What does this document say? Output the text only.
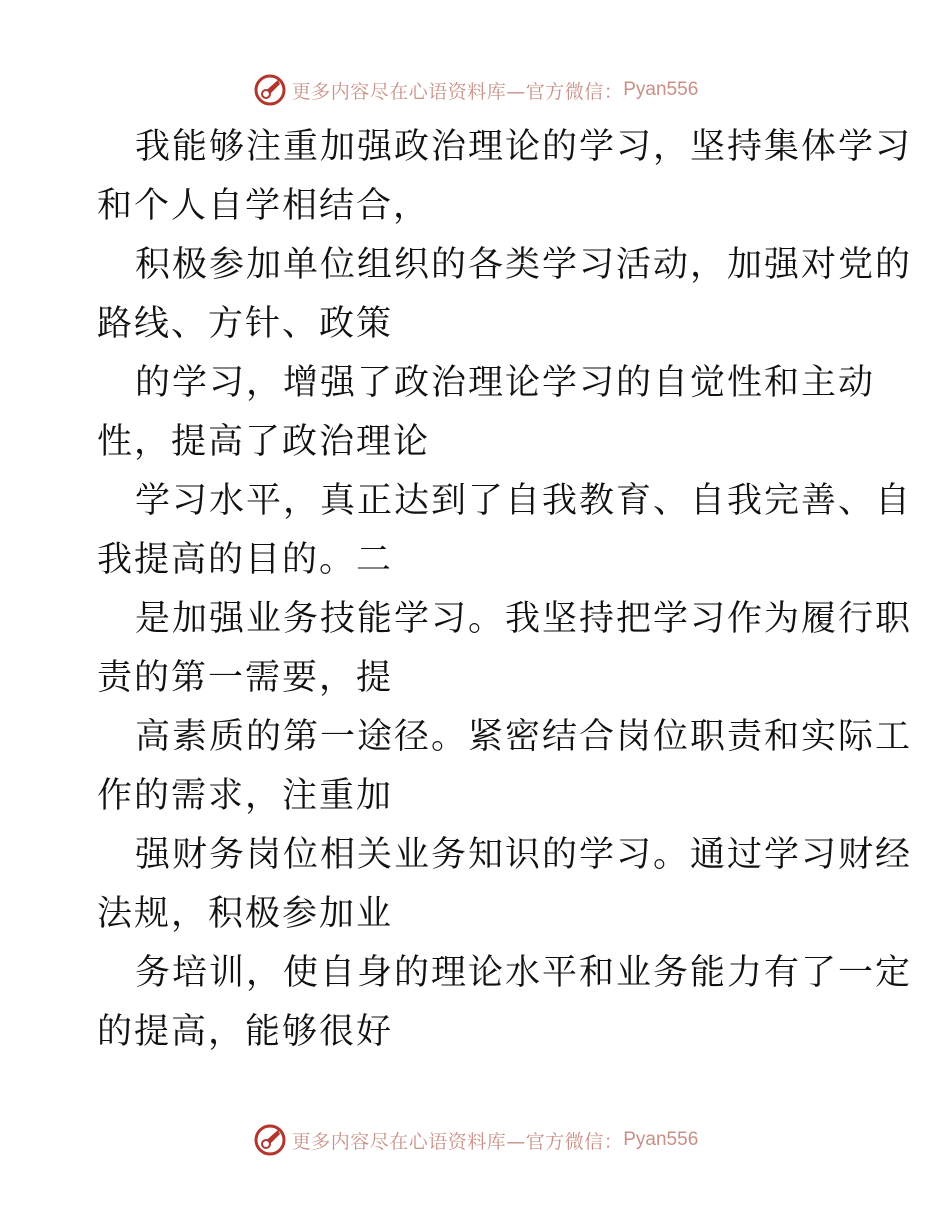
更多内容尽在心语资料库—官方微信： Pyan556
我能够注重加强政治理论的学习，坚持集体学习
和个人自学相结合，
积极参加单位组织的各类学习活动，加强对党的
路线、方针、政策
的学习，增强了政治理论学习的自觉性和主动
性，提高了政治理论
学习水平，真正达到了自我教育、自我完善、自
我提高的目的。二
是加强业务技能学习。我坚持把学习作为履行职
责的第一需要，提
高素质的第一途径。紧密结合岗位职责和实际工
作的需求，注重加
强财务岗位相关业务知识的学习。通过学习财经
法规，积极参加业
务培训，使自身的理论水平和业务能力有了一定
的提高，能够很好
更多内容尽在心语资料库—官方微信： Pyan556
